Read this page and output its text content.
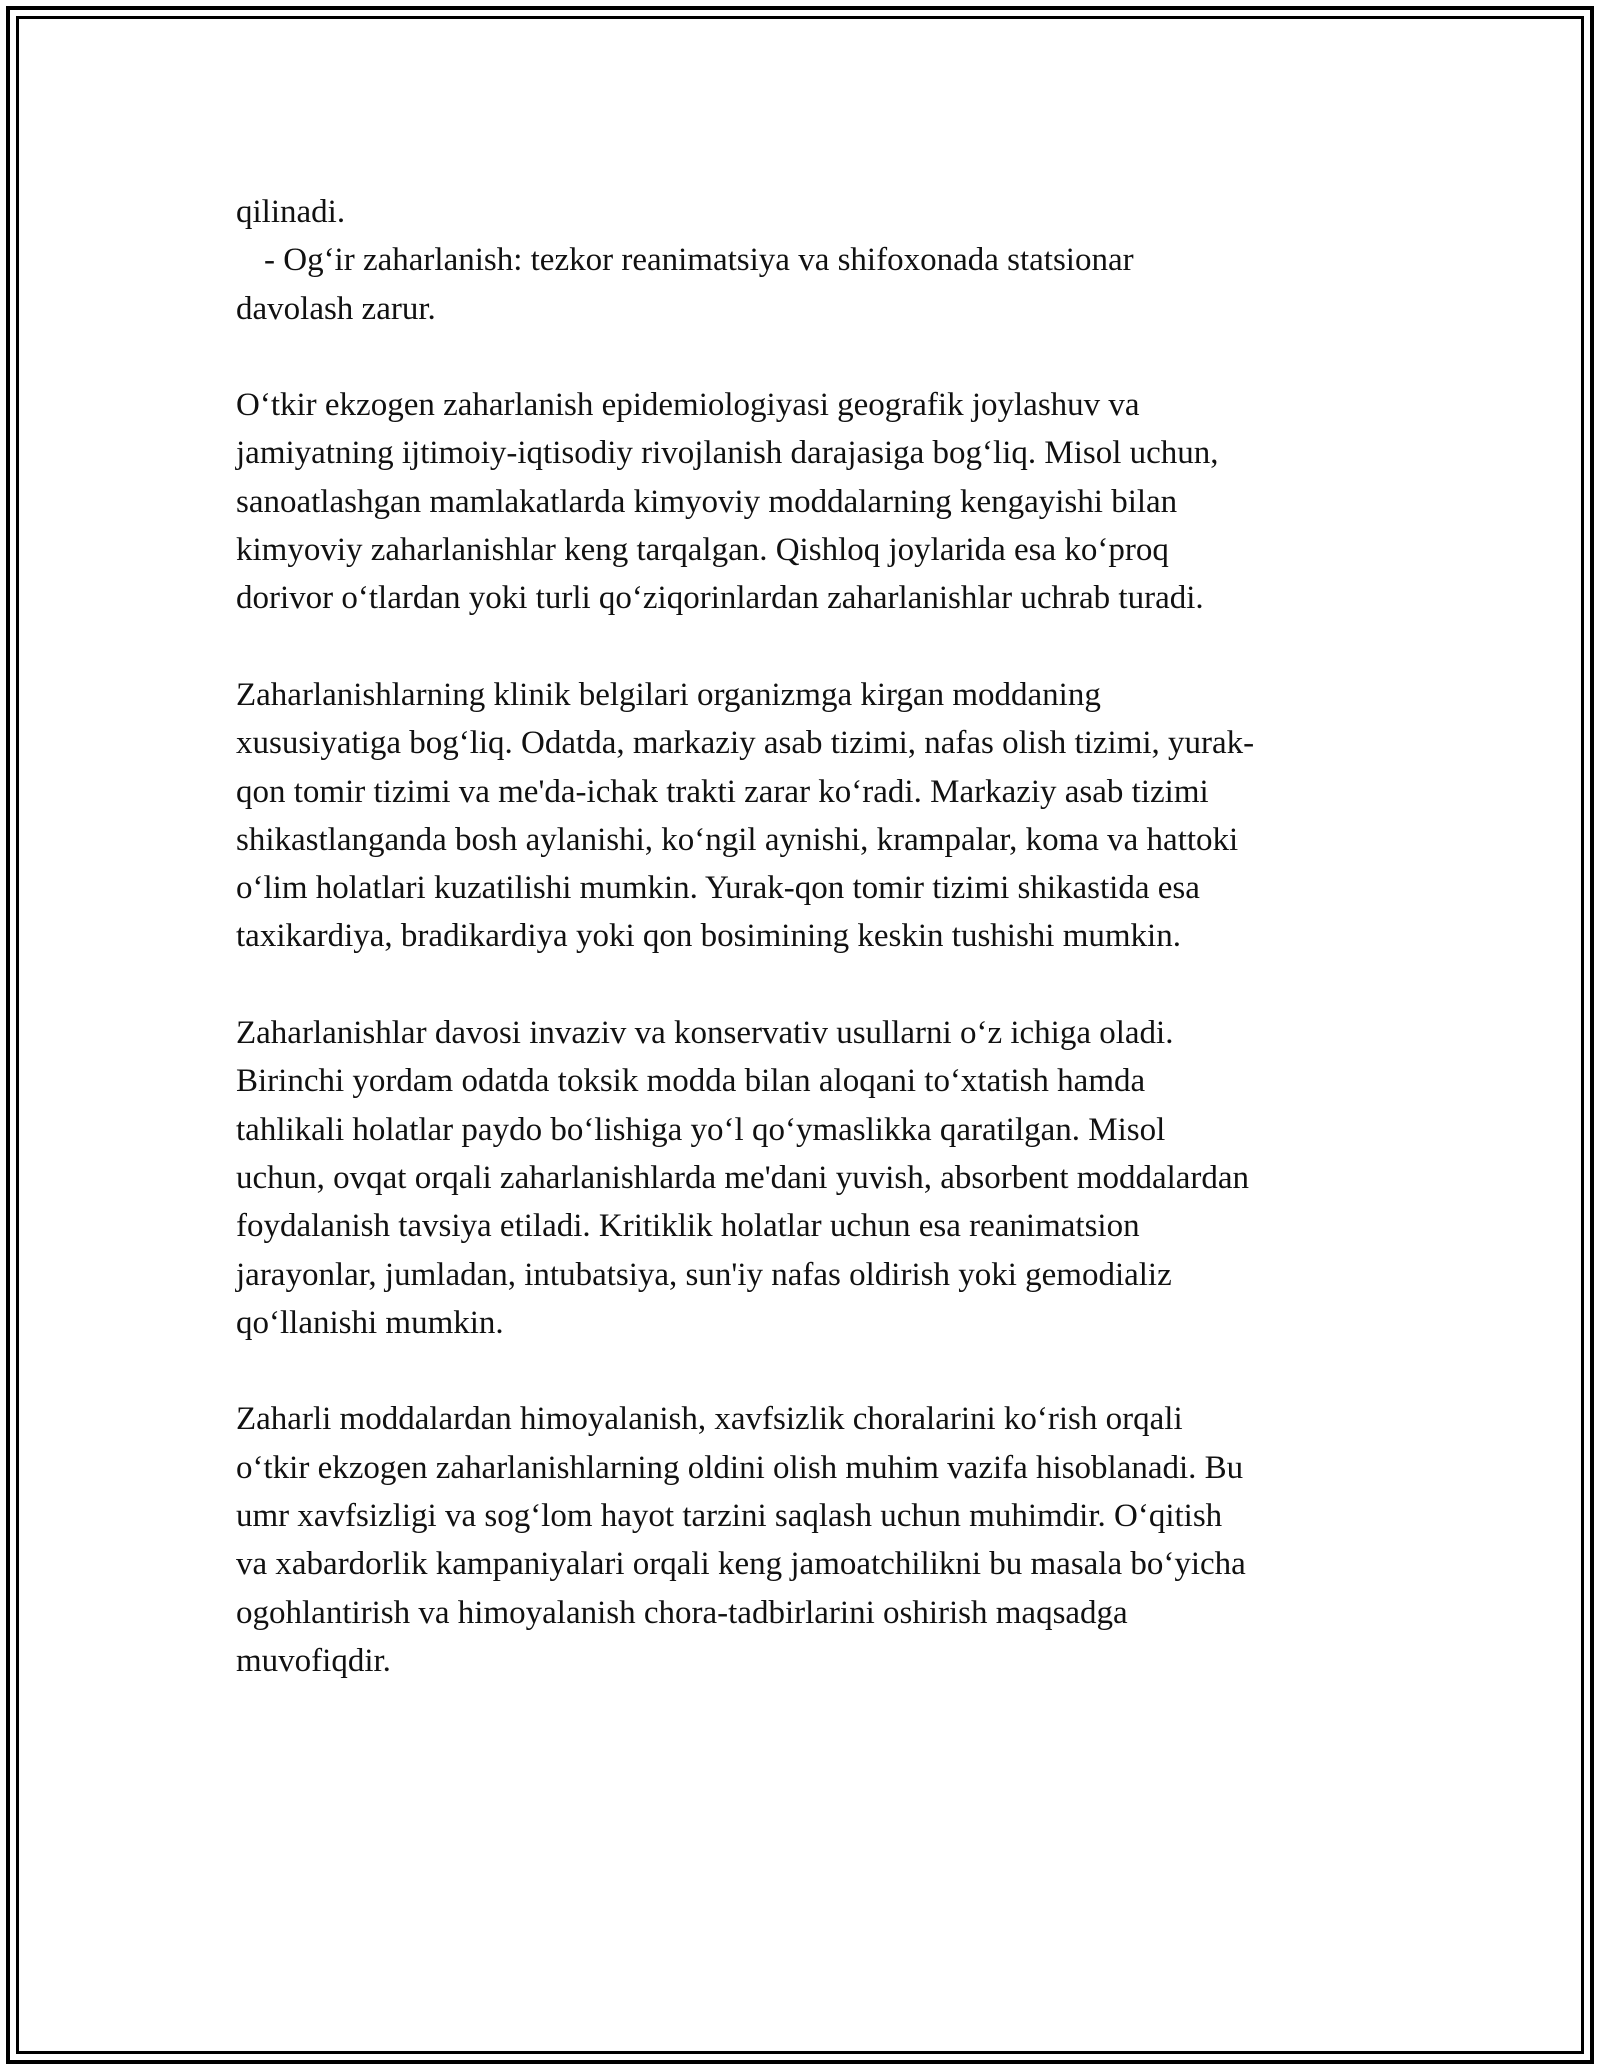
qilinadi.
- Og‘ir zaharlanish: tezkor reanimatsiya va shifoxonada statsionar
davolash zarur.

O‘tkir ekzogen zaharlanish epidemiologiyasi geografik joylashuv va
jamiyatning ijtimoiy-iqtisodiy rivojlanish darajasiga bog‘liq. Misol uchun,
sanoatlashgan mamlakatlarda kimyoviy moddalarning kengayishi bilan
kimyoviy zaharlanishlar keng tarqalgan. Qishloq joylarida esa ko‘proq
dorivor o‘tlardan yoki turli qo‘ziqorinlardan zaharlanishlar uchrab turadi.

Zaharlanishlarning klinik belgilari organizmga kirgan moddaning
xususiyatiga bog‘liq. Odatda, markaziy asab tizimi, nafas olish tizimi, yurak-
qon tomir tizimi va me'da-ichak trakti zarar ko‘radi. Markaziy asab tizimi
shikastlanganda bosh aylanishi, ko‘ngil aynishi, krampalar, koma va hattoki
o‘lim holatlari kuzatilishi mumkin. Yurak-qon tomir tizimi shikastida esa
taxikardiya, bradikardiya yoki qon bosimining keskin tushishi mumkin.

Zaharlanishlar davosi invaziv va konservativ usullarni o‘z ichiga oladi.
Birinchi yordam odatda toksik modda bilan aloqani to‘xtatish hamda
tahlikali holatlar paydo bo‘lishiga yo‘l qo‘ymaslikka qaratilgan. Misol
uchun, ovqat orqali zaharlanishlarda me'dani yuvish, absorbent moddalardan
foydalanish tavsiya etiladi. Kritiklik holatlar uchun esa reanimatsion
jarayonlar, jumladan, intubatsiya, sun'iy nafas oldirish yoki gemodializ
qo‘llanishi mumkin.

Zaharli moddalardan himoyalanish, xavfsizlik choralarini ko‘rish orqali
o‘tkir ekzogen zaharlanishlarning oldini olish muhim vazifa hisoblanadi. Bu
umr xavfsizligi va sog‘lom hayot tarzini saqlash uchun muhimdir. O‘qitish
va xabardorlik kampaniyalari orqali keng jamoatchilikni bu masala bo‘yicha
ogohlantirish va himoyalanish chora-tadbirlarini oshirish maqsadga
muvofiqdir.
